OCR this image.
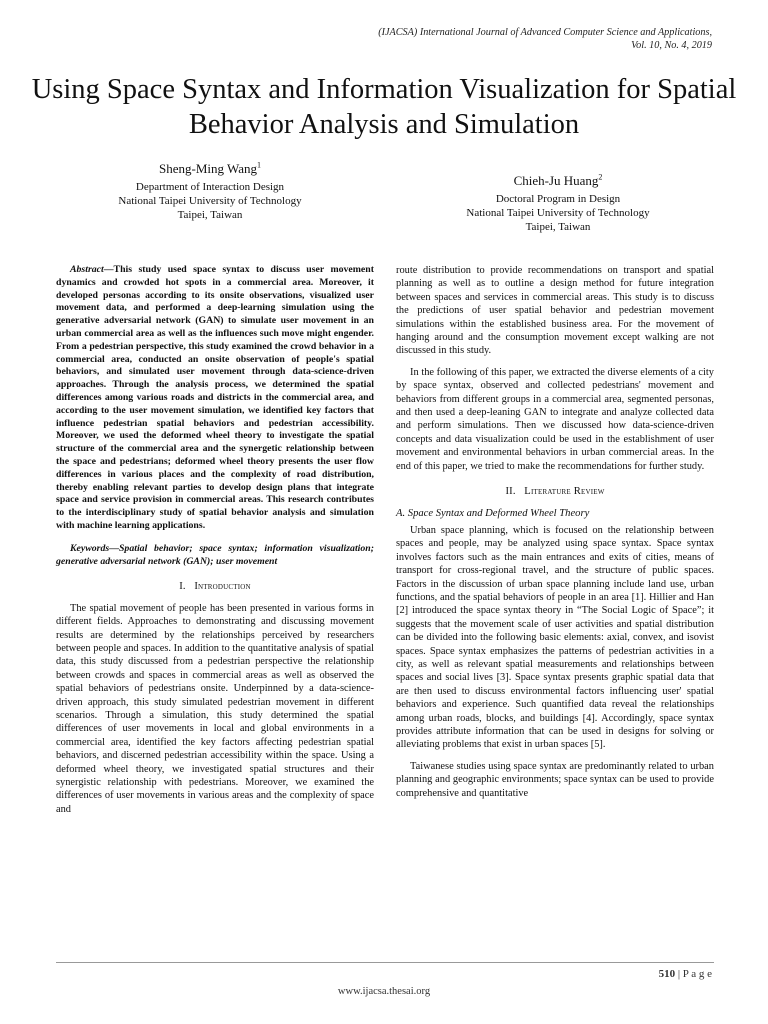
(IJACSA) International Journal of Advanced Computer Science and Applications,
Vol. 10, No. 4, 2019
Using Space Syntax and Information Visualization for Spatial Behavior Analysis and Simulation
Sheng-Ming Wang$^1$
Department of Interaction Design
National Taipei University of Technology
Taipei, Taiwan
Chieh-Ju Huang$^2$
Doctoral Program in Design
National Taipei University of Technology
Taipei, Taiwan

Abstract—This study used space syntax to discuss user movement dynamics and crowded hot spots in a commercial area. Moreover, it developed personas according to its onsite observations, visualized user movement data, and performed a deep-learning simulation using the generative adversarial network (GAN) to simulate user movement in an urban commercial area as well as the influences such move might engender. From a pedestrian perspective, this study examined the crowd behavior in a commercial area, conducted an onsite observation of people's spatial behaviors, and simulated user movement through data-science-driven approaches. Through the analysis process, we determined the spatial differences among various roads and districts in the commercial area, and according to the user movement simulation, we identified key factors that influence pedestrian spatial behaviors and pedestrian accessibility. Moreover, we used the deformed wheel theory to investigate the spatial structure of the commercial area and the synergetic relationship between the space and pedestrians; deformed wheel theory presents the user flow differences in various places and the complexity of road distribution, thereby enabling relevant parties to develop design plans that integrate space and service provision in commercial areas. This research contributes to the interdisciplinary study of spatial behavior analysis and simulation with machine learning applications.

Keywords—Spatial behavior; space syntax; information visualization; generative adversarial network (GAN); user movement

I. Introduction

The spatial movement of people has been presented in various forms in different fields. Approaches to demonstrating and discussing movement results are determined by the relationships perceived by researchers between people and spaces. In addition to the quantitative analysis of spatial data, this study discussed from a pedestrian perspective the relationship between crowds and spaces in commercial areas as well as observed the spatial behaviors of pedestrians onsite. Underpinned by a data-science-driven approach, this study simulated pedestrian movement in different scenarios. Through a simulation, this study determined the spatial differences of user movements in local and global environments in a commercial area, identified the key factors affecting pedestrian spatial behaviors, and discerned pedestrian accessibility within the space. Using a deformed wheel theory, we investigated spatial structures and their synergistic relationship with pedestrians. Moreover, we examined the differences of user movements in various areas and the complexity of space and

route distribution to provide recommendations on transport and spatial planning as well as to outline a design method for future integration between spaces and services in commercial areas. This study is to discuss the predictions of user spatial behavior and pedestrian movement simulations within the established business area. For the movement of hanging around and the consumption movement except walking are not discussed in this study.

In the following of this paper, we extracted the diverse elements of a city by space syntax, observed and collected pedestrians' movement and behaviors from different groups in a commercial area, segmented personas, and then used a deep-leaning GAN to integrate and analyze collected data and perform simulations. Then we discussed how data-science-driven concepts and data visualization could be used in the establishment of user movement and environmental behaviors in urban commercial areas. In the end of this paper, we tried to make the recommendations for further study.

II. Literature Review
A. Space Syntax and Deformed Wheel Theory

Urban space planning, which is focused on the relationship between spaces and people, may be analyzed using space syntax. Space syntax involves factors such as the main entrances and exits of cities, means of transport for cross-regional travel, and the structure of public spaces. Factors in the discussion of urban space planning include land use, urban functions, and the spatial behaviors of people in an area [1]. Hillier and Han [2] introduced the space syntax theory in “The Social Logic of Space”; it suggests that the movement scale of user activities and spatial distribution can be divided into the following basic elements: axial, convex, and isovist spaces. Space syntax emphasizes the patterns of pedestrian activities in a city, as well as relevant spatial measurements and relationships between spaces and social lives [3]. Space syntax presents graphic spatial data that are then used to discuss environmental factors influencing user' spatial behaviors and experience. Such quantified data reveal the relationships among urban roads, blocks, and buildings [4]. Accordingly, space syntax provides attribute information that can be used in designs for solving or alleviating problems that exist in urban spaces [5].

Taiwanese studies using space syntax are predominantly related to urban planning and geographic environments; space syntax can be used to provide comprehensive and quantitative

510 | P a g e
www.ijacsa.thesai.org
